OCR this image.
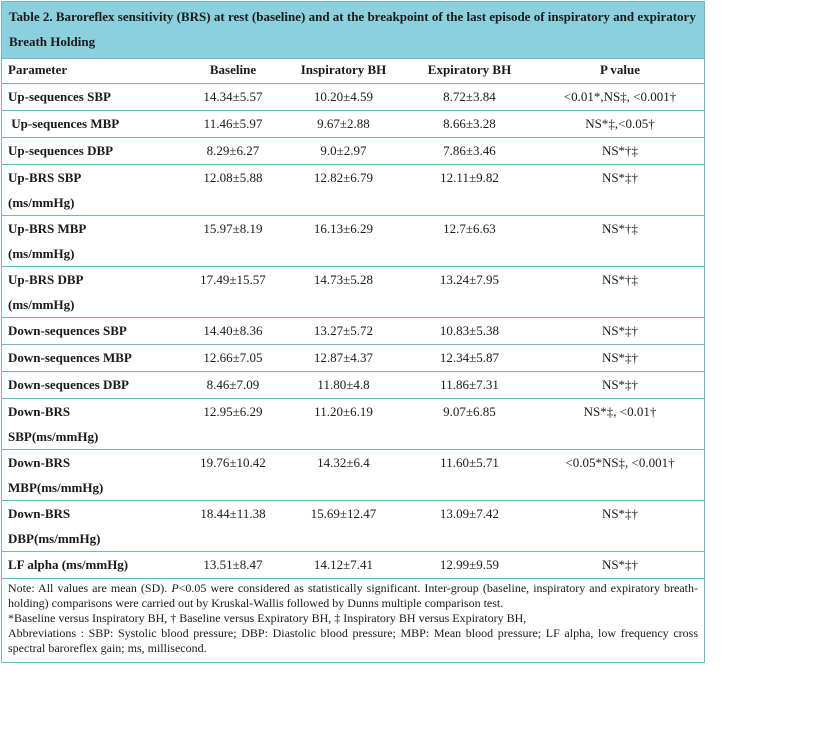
Table 2. Baroreflex sensitivity (BRS) at rest (baseline) and at the breakpoint of the last episode of inspiratory and expiratory Breath Holding
Parameter	Baseline	Inspiratory BH	Expiratory BH	P value

Up-sequences SBP	14.34±5.57	10.20±4.59	8.72±3.84	<0.01*,NS‡, <0.001†

Up-sequences MBP	11.46±5.97	9.67±2.88	8.66±3.28	NS*‡,<0.05†

Up-sequences DBP	8.29±6.27	9.0±2.97	7.86±3.46	NS*†‡

Up-BRS SBP
(ms/mmHg)	12.08±5.88	12.82±6.79	12.11±9.82	NS*‡†

Up-BRS MBP
(ms/mmHg)	15.97±8.19	16.13±6.29	12.7±6.63	NS*†‡

Up-BRS DBP
(ms/mmHg)	17.49±15.57	14.73±5.28	13.24±7.95	NS*†‡

Down-sequences SBP	14.40±8.36	13.27±5.72	10.83±5.38	NS*‡†

Down-sequences MBP	12.66±7.05	12.87±4.37	12.34±5.87	NS*‡†

Down-sequences DBP	8.46±7.09	11.80±4.8	11.86±7.31	NS*‡†

Down-BRS
SBP(ms/mmHg)	12.95±6.29	11.20±6.19	9.07±6.85	NS*‡, <0.01†

Down-BRS
MBP(ms/mmHg)	19.76±10.42	14.32±6.4	11.60±5.71	<0.05*NS‡, <0.001†

Down-BRS
DBP(ms/mmHg)	18.44±11.38	15.69±12.47	13.09±7.42	NS*‡†

LF alpha (ms/mmHg)	13.51±8.47	14.12±7.41	12.99±9.59	NS*‡†

Note: All values are mean (SD). P<0.05 were considered as statistically significant. Inter-group (baseline, inspiratory and expiratory breath-holding) comparisons were carried out by Kruskal-Wallis followed by Dunns multiple comparison test.

*Baseline versus Inspiratory BH, † Baseline versus Expiratory BH, ‡ Inspiratory BH versus Expiratory BH,

Abbreviations : SBP: Systolic blood pressure; DBP: Diastolic blood pressure; MBP: Mean blood pressure; LF alpha, low frequency cross spectral baroreflex gain; ms, millisecond.
